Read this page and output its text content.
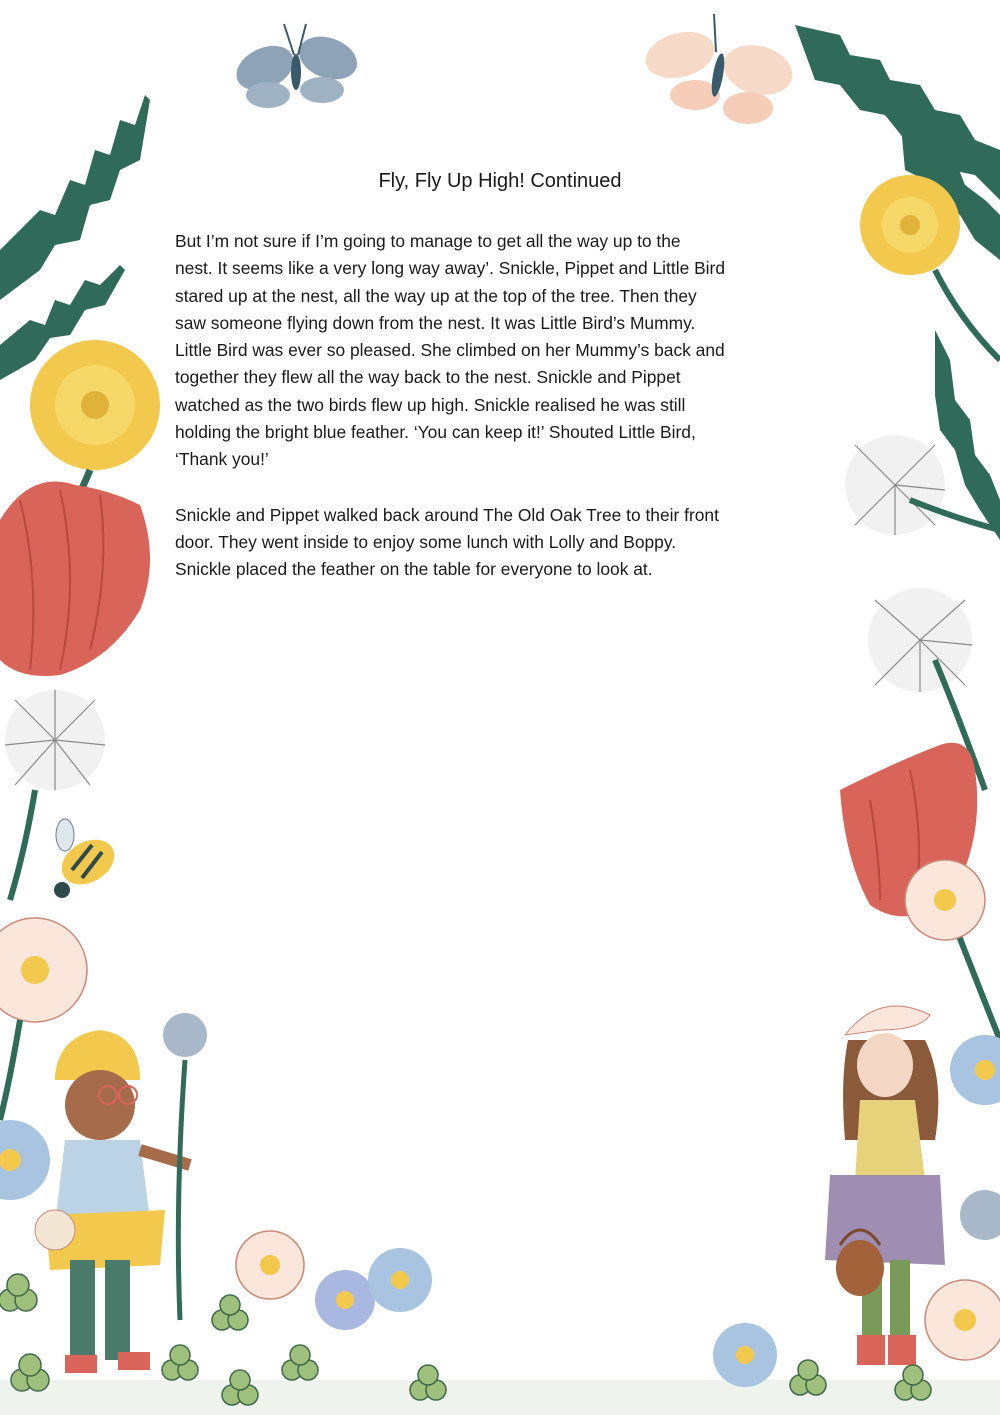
Fly, Fly Up High! Continued

But I’m not sure if I’m going to manage to get all the way up to the
nest. It seems like a very long way away’. Snickle, Pippet and Little Bird
stared up at the nest, all the way up at the top of the tree. Then they
saw someone flying down from the nest. It was Little Bird’s Mummy.
Little Bird was ever so pleased. She climbed on her Mummy’s back and
together they flew all the way back to the nest. Snickle and Pippet
watched as the two birds flew up high. Snickle realised he was still
holding the bright blue feather. ‘You can keep it!’ Shouted Little Bird,
‘Thank you!’

Snickle and Pippet walked back around The Old Oak Tree to their front
door. They went inside to enjoy some lunch with Lolly and Boppy.
Snickle placed the feather on the table for everyone to look at.
